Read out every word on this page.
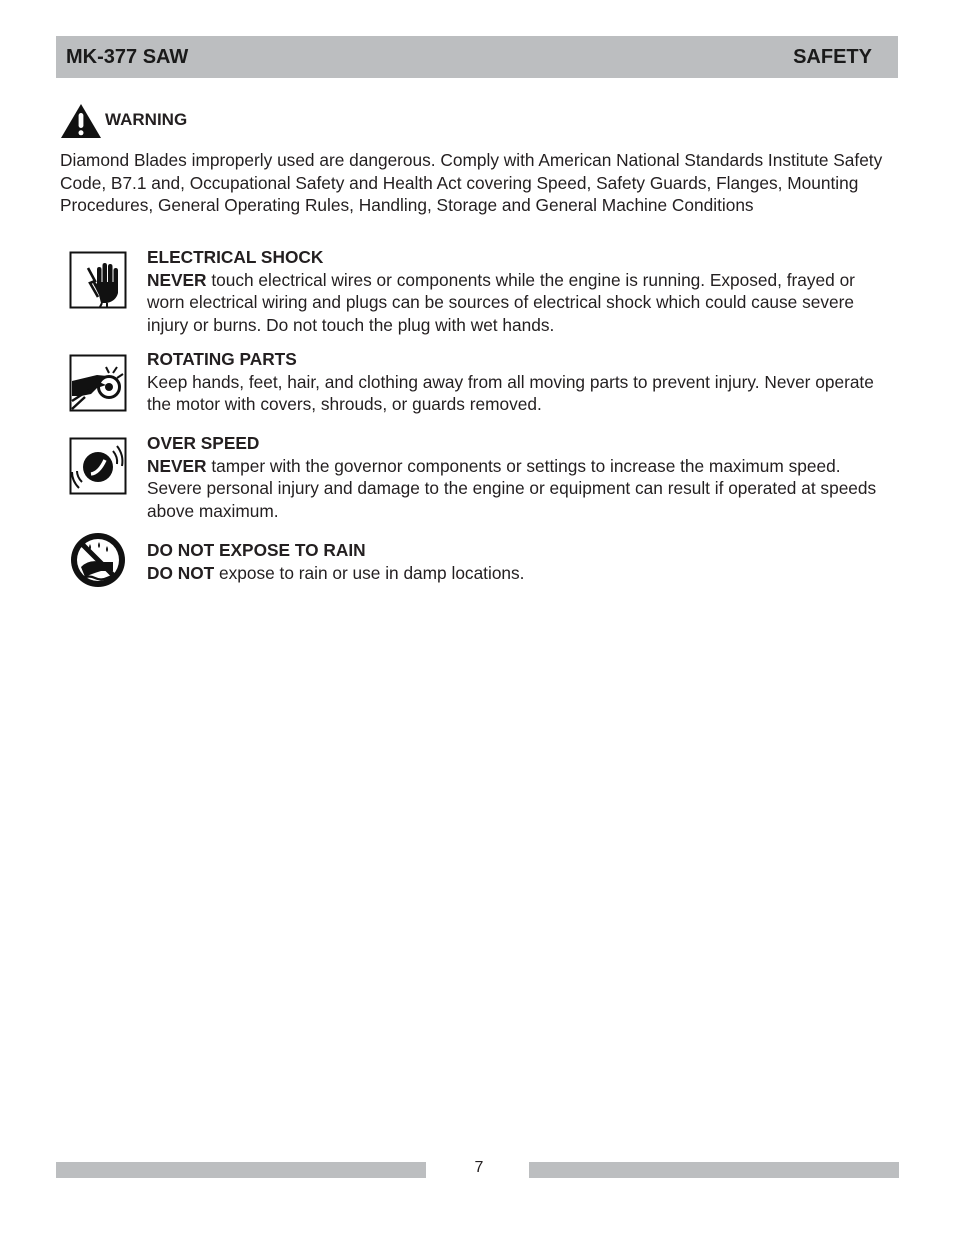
MK-377 SAW	SAFETY
WARNING

Diamond Blades improperly used are dangerous. Comply with American National Standards Institute Safety Code, B7.1 and, Occupational Safety and Health Act covering Speed, Safety Guards, Flanges, Mounting Procedures, General Operating Rules, Handling, Storage and General Machine Conditions

ELECTRICAL SHOCK
NEVER touch electrical wires or components while the engine is running. Exposed, frayed or worn electrical wiring and plugs can be sources of electrical shock which could cause severe injury or burns. Do not touch the plug with wet hands.
ROTATING PARTS
Keep hands, feet, hair, and clothing away from all moving parts to prevent injury. Never operate the motor with covers, shrouds, or guards removed.
OVER SPEED
NEVER tamper with the governor components or settings to increase the maximum speed. Severe personal injury and damage to the engine or equipment can result if operated at speeds above maximum.
DO NOT EXPOSE TO RAIN
DO NOT expose to rain or use in damp locations.
7
